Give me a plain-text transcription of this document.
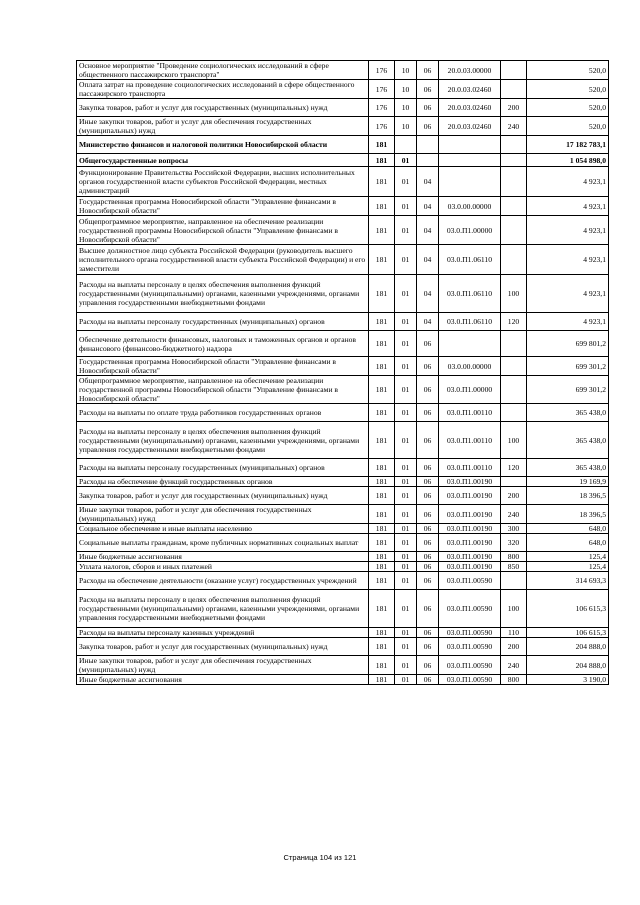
Основное мероприятие "Проведение социологических исследований в сфере общественного пассажирского транспорта"	176	10	06	20.0.03.00000		520,0
Оплата затрат на проведение социологических исследований в сфере общественного пассажирского транспорта	176	10	06	20.0.03.02460		520,0
Закупка товаров, работ и услуг для государственных (муниципальных) нужд	176	10	06	20.0.03.02460	200	520,0
Иные закупки товаров, работ и услуг для обеспечения государственных (муниципальных) нужд	176	10	06	20.0.03.02460	240	520,0
Министерство финансов и налоговой политики Новосибирской области	181					17 182 783,1
Общегосударственные вопросы	181	01				1 054 898,0
Функционирование Правительства Российской Федерации, высших исполнительных органов государственной власти субъектов Российской Федерации, местных администраций	181	01	04			4 923,1
Государственная программа Новосибирской области "Управление финансами в Новосибирской области"	181	01	04	03.0.00.00000		4 923,1
Общепрограммное мероприятие, направленное на обеспечение реализации государственной программы Новосибирской области "Управление финансами в Новосибирской области"	181	01	04	03.0.П1.00000		4 923,1
Высшее должностное лицо субъекта Российской Федерации (руководитель высшего исполнительного органа государственной власти субъекта Российской Федерации) и его заместители	181	01	04	03.0.П1.06110		4 923,1
Расходы на выплаты персоналу в целях обеспечения выполнения функций государственными (муниципальными) органами, казенными учреждениями, органами управления государственными внебюджетными фондами	181	01	04	03.0.П1.06110	100	4 923,1
Расходы на выплаты персоналу государственных (муниципальных) органов	181	01	04	03.0.П1.06110	120	4 923,1
Обеспечение деятельности финансовых, налоговых и таможенных органов и органов финансового (финансово-бюджетного) надзора	181	01	06			699 801,2
Государственная программа Новосибирской области "Управление финансами в Новосибирской области"	181	01	06	03.0.00.00000		699 301,2
Общепрограммное мероприятие, направленное на обеспечение реализации государственной программы Новосибирской области "Управление финансами в Новосибирской области"	181	01	06	03.0.П1.00000		699 301,2
Расходы на выплаты по оплате труда работников государственных органов	181	01	06	03.0.П1.00110		365 438,0
Расходы на выплаты персоналу в целях обеспечения выполнения функций государственными (муниципальными) органами, казенными учреждениями, органами управления государственными внебюджетными фондами	181	01	06	03.0.П1.00110	100	365 438,0
Расходы на выплаты персоналу государственных (муниципальных) органов	181	01	06	03.0.П1.00110	120	365 438,0
Расходы на обеспечение функций государственных органов	181	01	06	03.0.П1.00190		19 169,9
Закупка товаров, работ и услуг для государственных (муниципальных) нужд	181	01	06	03.0.П1.00190	200	18 396,5
Иные закупки товаров, работ и услуг для обеспечения государственных (муниципальных) нужд	181	01	06	03.0.П1.00190	240	18 396,5
Социальное обеспечение и иные выплаты населению	181	01	06	03.0.П1.00190	300	648,0
Социальные выплаты гражданам, кроме публичных нормативных социальных выплат	181	01	06	03.0.П1.00190	320	648,0
Иные бюджетные ассигнования	181	01	06	03.0.П1.00190	800	125,4
Уплата налогов, сборов и иных платежей	181	01	06	03.0.П1.00190	850	125,4
Расходы на обеспечение деятельности (оказание услуг) государственных учреждений	181	01	06	03.0.П1.00590		314 693,3
Расходы на выплаты персоналу в целях обеспечения выполнения функций государственными (муниципальными) органами, казенными учреждениями, органами управления государственными внебюджетными фондами	181	01	06	03.0.П1.00590	100	106 615,3
Расходы на выплаты персоналу казенных учреждений	181	01	06	03.0.П1.00590	110	106 615,3
Закупка товаров, работ и услуг для государственных (муниципальных) нужд	181	01	06	03.0.П1.00590	200	204 888,0
Иные закупки товаров, работ и услуг для обеспечения государственных (муниципальных) нужд	181	01	06	03.0.П1.00590	240	204 888,0
Иные бюджетные ассигнования	181	01	06	03.0.П1.00590	800	3 190,0
Страница 104 из 121
